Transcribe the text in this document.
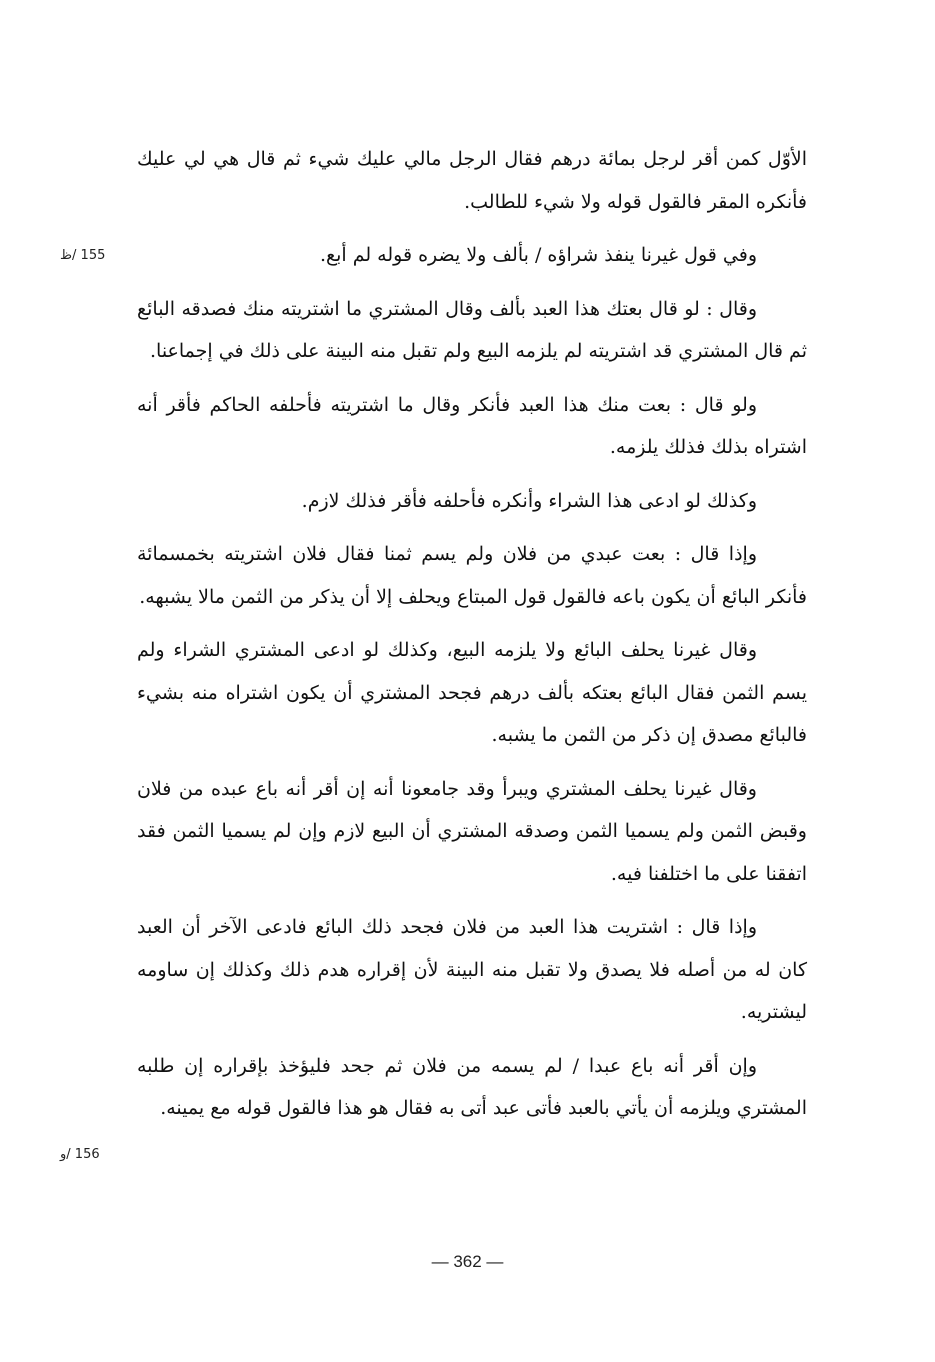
الأوّل كمن أقر لرجل بمائة درهم فقال الرجل مالي عليك شيء ثم قال هي لي عليك فأنكره المقر فالقول قوله ولا شيء للطالب.

وفي قول غيرنا ينفذ شراؤه / بألف ولا يضره قوله لم أبع.

وقال : لو قال بعتك هذا العبد بألف وقال المشتري ما اشتريته منك فصدقه البائع ثم قال المشتري قد اشتريته لم يلزمه البيع ولم تقبل منه البينة على ذلك في إجماعنا.

ولو قال : بعت منك هذا العبد فأنكر وقال ما اشتريته فأحلفه الحاكم فأقر أنه اشتراه بذلك فذلك يلزمه.

وكذلك لو ادعى هذا الشراء وأنكره فأحلفه فأقر فذلك لازم.

وإذا قال : بعت عبدي من فلان ولم يسم ثمنا فقال فلان اشتريته بخمسمائة فأنكر البائع أن يكون باعه فالقول قول المبتاع ويحلف إلا أن يذكر من الثمن مالا يشبهه.

وقال غيرنا يحلف البائع ولا يلزمه البيع، وكذلك لو ادعى المشتري الشراء ولم يسم الثمن فقال البائع بعتكه بألف درهم فجحد المشتري أن يكون اشتراه منه بشيء فالبائع مصدق إن ذكر من الثمن ما يشبه.

وقال غيرنا يحلف المشتري ويبرأ وقد جامعونا أنه إن أقر أنه باع عبده من فلان وقبض الثمن ولم يسميا الثمن وصدقه المشتري أن البيع لازم وإن لم يسميا الثمن فقد اتفقنا على ما اختلفنا فيه.

وإذا قال : اشتريت هذا العبد من فلان فجحد ذلك البائع فادعى الآخر أن العبد كان له من أصله فلا يصدق ولا تقبل منه البينة لأن إقراره هدم ذلك وكذلك إن ساومه ليشتريه.

وإن أقر أنه باع عبدا / لم يسمه من فلان ثم جحد فليؤخذ بإقراره إن طلبه المشتري ويلزمه أن يأتي بالعبد فأتى عبد أتى به فقال هو هذا فالقول قوله مع يمينه.

155 /ظ
156 /و
— 362 —
